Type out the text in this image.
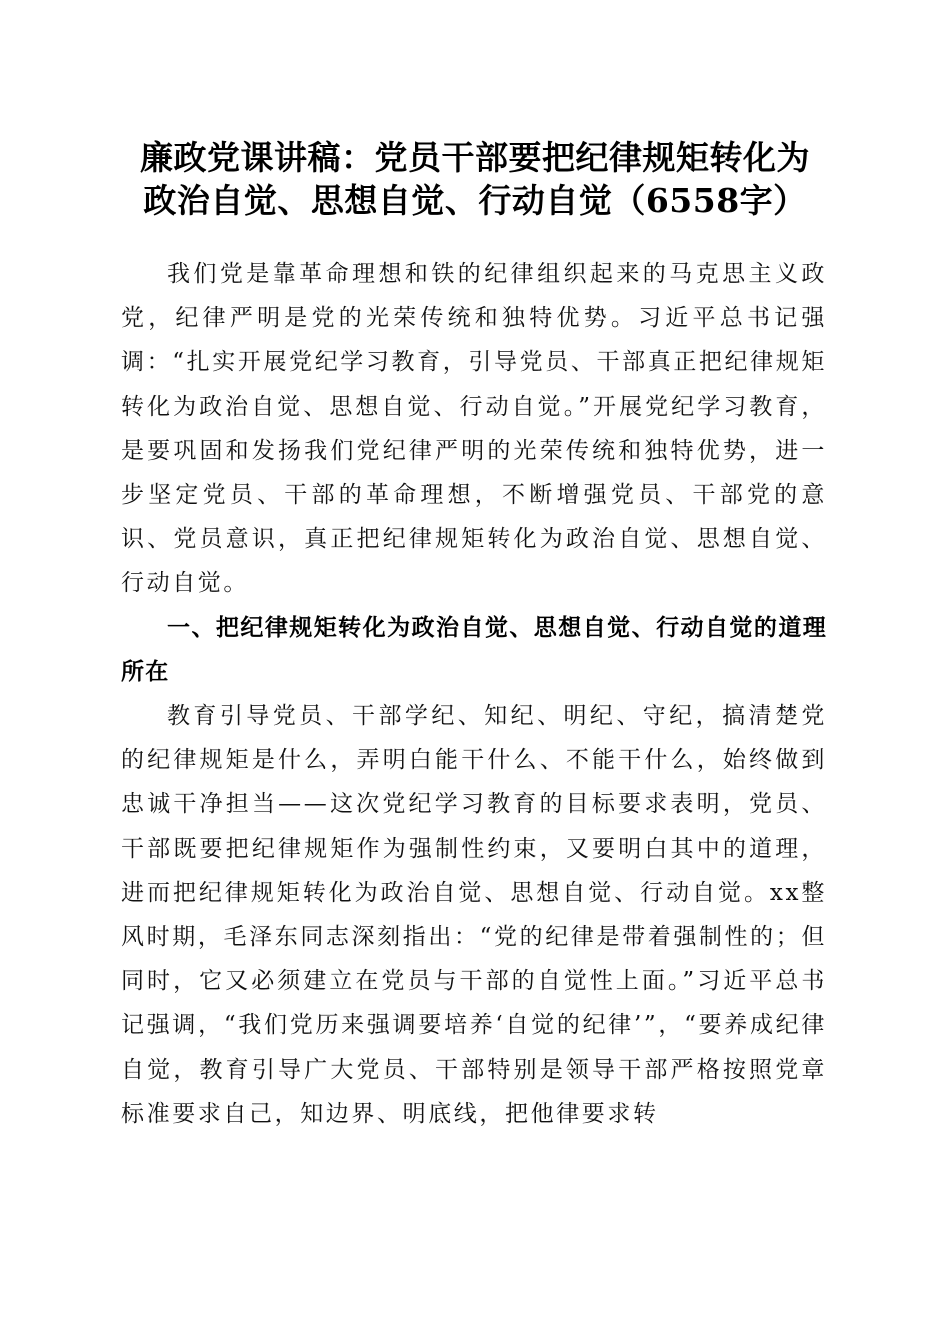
廉政党课讲稿：党员干部要把纪律规矩转化为
政治自觉、思想自觉、行动自觉（6558字）

我们党是靠革命理想和铁的纪律组织起来的马克思主义政党，纪律严明是党的光荣传统和独特优势。习近平总书记强调：“扎实开展党纪学习教育，引导党员、干部真正把纪律规矩转化为政治自觉、思想自觉、行动自觉。”开展党纪学习教育，是要巩固和发扬我们党纪律严明的光荣传统和独特优势，进一步坚定党员、干部的革命理想，不断增强党员、干部党的意识、党员意识，真正把纪律规矩转化为政治自觉、思想自觉、行动自觉。

一、把纪律规矩转化为政治自觉、思想自觉、行动自觉的道理所在

教育引导党员、干部学纪、知纪、明纪、守纪，搞清楚党的纪律规矩是什么，弄明白能干什么、不能干什么，始终做到忠诚干净担当——这次党纪学习教育的目标要求表明，党员、干部既要把纪律规矩作为强制性约束，又要明白其中的道理，进而把纪律规矩转化为政治自觉、思想自觉、行动自觉。xx整风时期，毛泽东同志深刻指出：“党的纪律是带着强制性的；但同时，它又必须建立在党员与干部的自觉性上面。”习近平总书记强调，“我们党历来强调要培养‘自觉的纪律’”，“要养成纪律自觉，教育引导广大党员、干部特别是领导干部严格按照党章标准要求自己，知边界、明底线，把他律要求转
